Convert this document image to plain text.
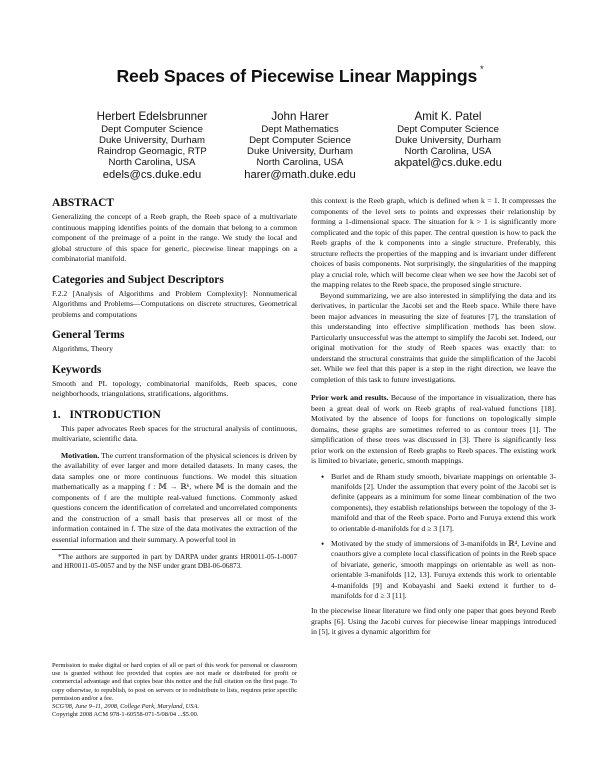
Reeb Spaces of Piecewise Linear Mappings *
Herbert Edelsbrunner
Dept Computer Science
Duke University, Durham
Raindrop Geomagic, RTP
North Carolina, USA
edels@cs.duke.edu
John Harer
Dept Mathematics
Dept Computer Science
Duke University, Durham
North Carolina, USA
harer@math.duke.edu
Amit K. Patel
Dept Computer Science
Duke University, Durham
North Carolina, USA
akpatel@cs.duke.edu
ABSTRACT

Generalizing the concept of a Reeb graph, the Reeb space of a multivariate continuous mapping identifies points of the domain that belong to a common component of the preimage of a point in the range. We study the local and global structure of this space for generic, piecewise linear mappings on a combinatorial manifold.

Categories and Subject Descriptors

F.2.2 [Analysis of Algorithms and Problem Complexity]: Nonnumerical Algorithms and Problems—Computations on discrete structures, Geometrical problems and computations

General Terms

Algorithms, Theory

Keywords

Smooth and PL topology, combinatorial manifolds, Reeb spaces, cone neighborhoods, triangulations, stratifications, algorithms.

1. INTRODUCTION

This paper advocates Reeb spaces for the structural analysis of continuous, multivariate, scientific data.

Motivation. The current transformation of the physical sciences is driven by the availability of ever larger and more detailed datasets. In many cases, the data samples one or more continuous functions. We model this situation mathematically as a mapping f : 𝕄 → ℝᵏ, where 𝕄 is the domain and the components of f are the multiple real-valued functions. Commonly asked questions concern the identification of correlated and uncorrelated components and the construction of a small basis that preserves all or most of the information contained in f. The size of the data motivates the extraction of the essential information and their summary. A powerful tool in

*The authors are supported in part by DARPA under grants HR0011-05-1-0007 and HR0011-05-0057 and by the NSF under grant DBI-06-06873.

Permission to make digital or hard copies of all or part of this work for personal or classroom use is granted without fee provided that copies are not made or distributed for profit or commercial advantage and that copies bear this notice and the full citation on the first page. To copy otherwise, to republish, to post on servers or to redistribute to lists, requires prior specific permission and/or a fee.

SCG'08, June 9–11, 2008, College Park, Maryland, USA.
Copyright 2008 ACM 978-1-60558-071-5/08/04 ...$5.00.

this context is the Reeb graph, which is defined when k = 1. It compresses the components of the level sets to points and expresses their relationship by forming a 1-dimensional space. The situation for k > 1 is significantly more complicated and the topic of this paper. The central question is how to pack the Reeb graphs of the k components into a single structure. Preferably, this structure reflects the properties of the mapping and is invariant under different choices of basis components. Not surprisingly, the singularities of the mapping play a crucial role, which will become clear when we see how the Jacobi set of the mapping relates to the Reeb space, the proposed single structure.

Beyond summarizing, we are also interested in simplifying the data and its derivatives, in particular the Jacobi set and the Reeb space. While there have been major advances in measuring the size of features [7], the translation of this understanding into effective simplification methods has been slow. Particularly unsuccessful was the attempt to simplify the Jacobi set. Indeed, our original motivation for the study of Reeb spaces was exactly that: to understand the structural constraints that guide the simplification of the Jacobi set. While we feel that this paper is a step in the right direction, we leave the completion of this task to future investigations.

Prior work and results. Because of the importance in visualization, there has been a great deal of work on Reeb graphs of real-valued functions [18]. Motivated by the absence of loops for functions on topologically simple domains, these graphs are sometimes referred to as contour trees [1]. The simplification of these trees was discussed in [3]. There is significantly less prior work on the extension of Reeb graphs to Reeb spaces. The existing work is limited to bivariate, generic, smooth mappings.

• Burlet and de Rham study smooth, bivariate mappings on orientable 3-manifolds [2]. Under the assumption that every point of the Jacobi set is definite (appears as a minimum for some linear combination of the two components), they establish relationships between the topology of the 3-manifold and that of the Reeb space. Porto and Furuya extend this work to orientable d-manifolds for d ≥ 3 [17].
• Motivated by the study of immersions of 3-manifolds in ℝ⁴, Levine and coauthors give a complete local classification of points in the Reeb space of bivariate, generic, smooth mappings on orientable as well as non-orientable 3-manifolds [12, 13]. Furuya extends this work to orientable 4-manifolds [9] and Kobayashi and Saeki extend it further to d-manifolds for d ≥ 3 [11].

In the piecewise linear literature we find only one paper that goes beyond Reeb graphs [6]. Using the Jacobi curves for piecewise linear mappings introduced in [5], it gives a dynamic algorithm for
